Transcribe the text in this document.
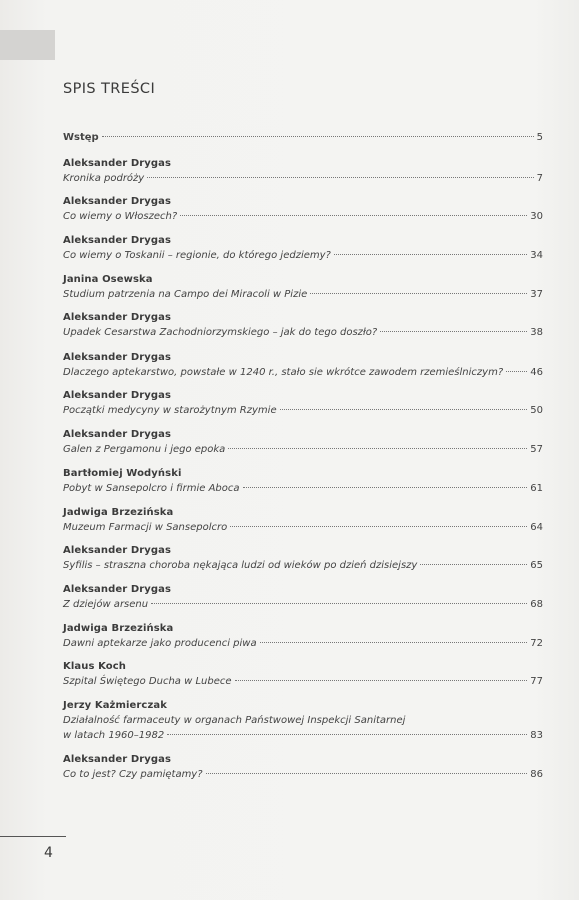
SPIS TREŚCI
Wstęp	5
Aleksander Drygas
Kronika podróży	7
Aleksander Drygas
Co wiemy o Włoszech?	30
Aleksander Drygas
Co wiemy o Toskanii – regionie, do którego jedziemy?	34
Janina Osewska
Studium patrzenia na Campo dei Miracoli w Pizie	37
Aleksander Drygas
Upadek Cesarstwa Zachodniorzymskiego – jak do tego doszło?	38
Aleksander Drygas
Dlaczego aptekarstwo, powstałe w 1240 r., stało sie wkrótce zawodem rzemieślniczym?	46
Aleksander Drygas
Początki medycyny w starożytnym Rzymie	50
Aleksander Drygas
Galen z Pergamonu i jego epoka	57
Bartłomiej Wodyński
Pobyt w Sansepolcro i firmie Aboca	61
Jadwiga Brzezińska
Muzeum Farmacji w Sansepolcro	64
Aleksander Drygas
Syfilis – straszna choroba nękająca ludzi od wieków po dzień dzisiejszy	65
Aleksander Drygas
Z dziejów arsenu	68
Jadwiga Brzezińska
Dawni aptekarze jako producenci piwa	72
Klaus Koch
Szpital Świętego Ducha w Lubece	77
Jerzy Każmierczak
Działalność farmaceuty w organach Państwowej Inspekcji Sanitarnej
w latach 1960–1982	83
Aleksander Drygas
Co to jest? Czy pamiętamy?	86
4
